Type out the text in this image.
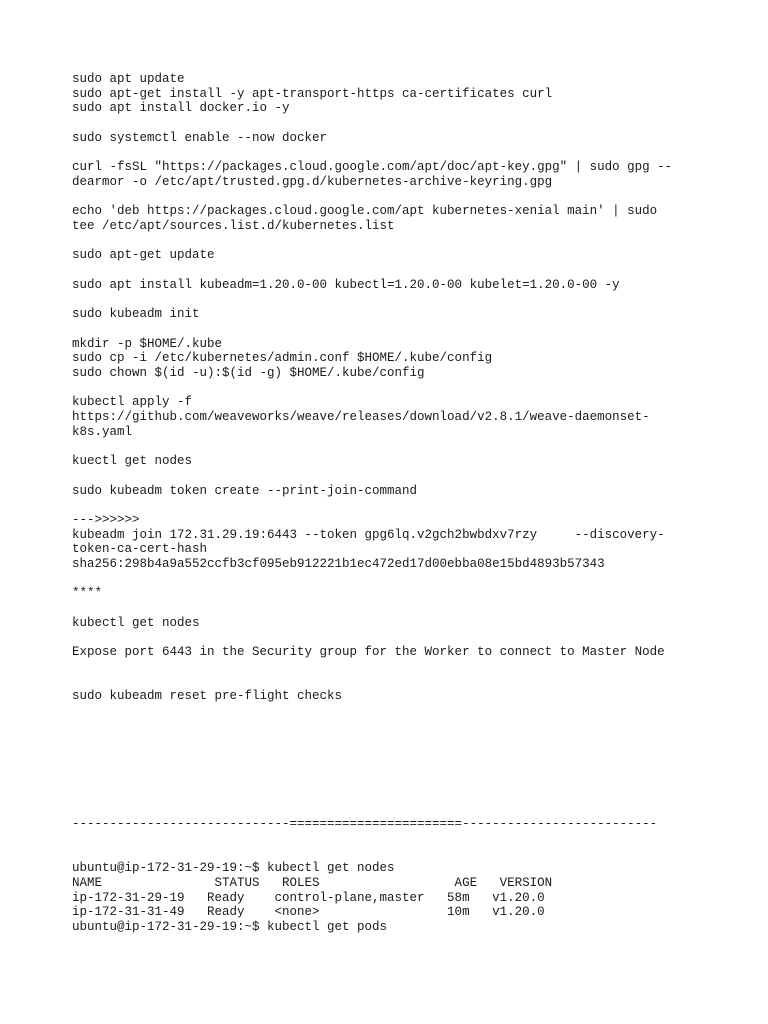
sudo apt update
sudo apt-get install -y apt-transport-https ca-certificates curl
sudo apt install docker.io -y
sudo systemctl enable --now docker
curl -fsSL "https://packages.cloud.google.com/apt/doc/apt-key.gpg" | sudo gpg --
dearmor -o /etc/apt/trusted.gpg.d/kubernetes-archive-keyring.gpg
echo 'deb https://packages.cloud.google.com/apt kubernetes-xenial main' | sudo
tee /etc/apt/sources.list.d/kubernetes.list
sudo apt-get update
sudo apt install kubeadm=1.20.0-00 kubectl=1.20.0-00 kubelet=1.20.0-00 -y
sudo kubeadm init
mkdir -p $HOME/.kube
sudo cp -i /etc/kubernetes/admin.conf $HOME/.kube/config
sudo chown $(id -u):$(id -g) $HOME/.kube/config
kubectl apply -f
https://github.com/weaveworks/weave/releases/download/v2.8.1/weave-daemonset-
k8s.yaml
kuectl get nodes
sudo kubeadm token create --print-join-command
--->>>>>>
kubeadm join 172.31.29.19:6443 --token gpg6lq.v2gch2bwbdxv7rzy     --discovery-
token-ca-cert-hash
sha256:298b4a9a552ccfb3cf095eb912221b1ec472ed17d00ebba08e15bd4893b57343
****
kubectl get nodes
Expose port 6443 in the Security group for the Worker to connect to Master Node
sudo kubeadm reset pre-flight checks
-----------------------------=======================--------------------------
ubuntu@ip-172-31-29-19:~$ kubectl get nodes
NAME               STATUS   ROLES                  AGE   VERSION
ip-172-31-29-19   Ready    control-plane,master   58m   v1.20.0
ip-172-31-31-49   Ready    <none>                 10m   v1.20.0
ubuntu@ip-172-31-29-19:~$ kubectl get pods
